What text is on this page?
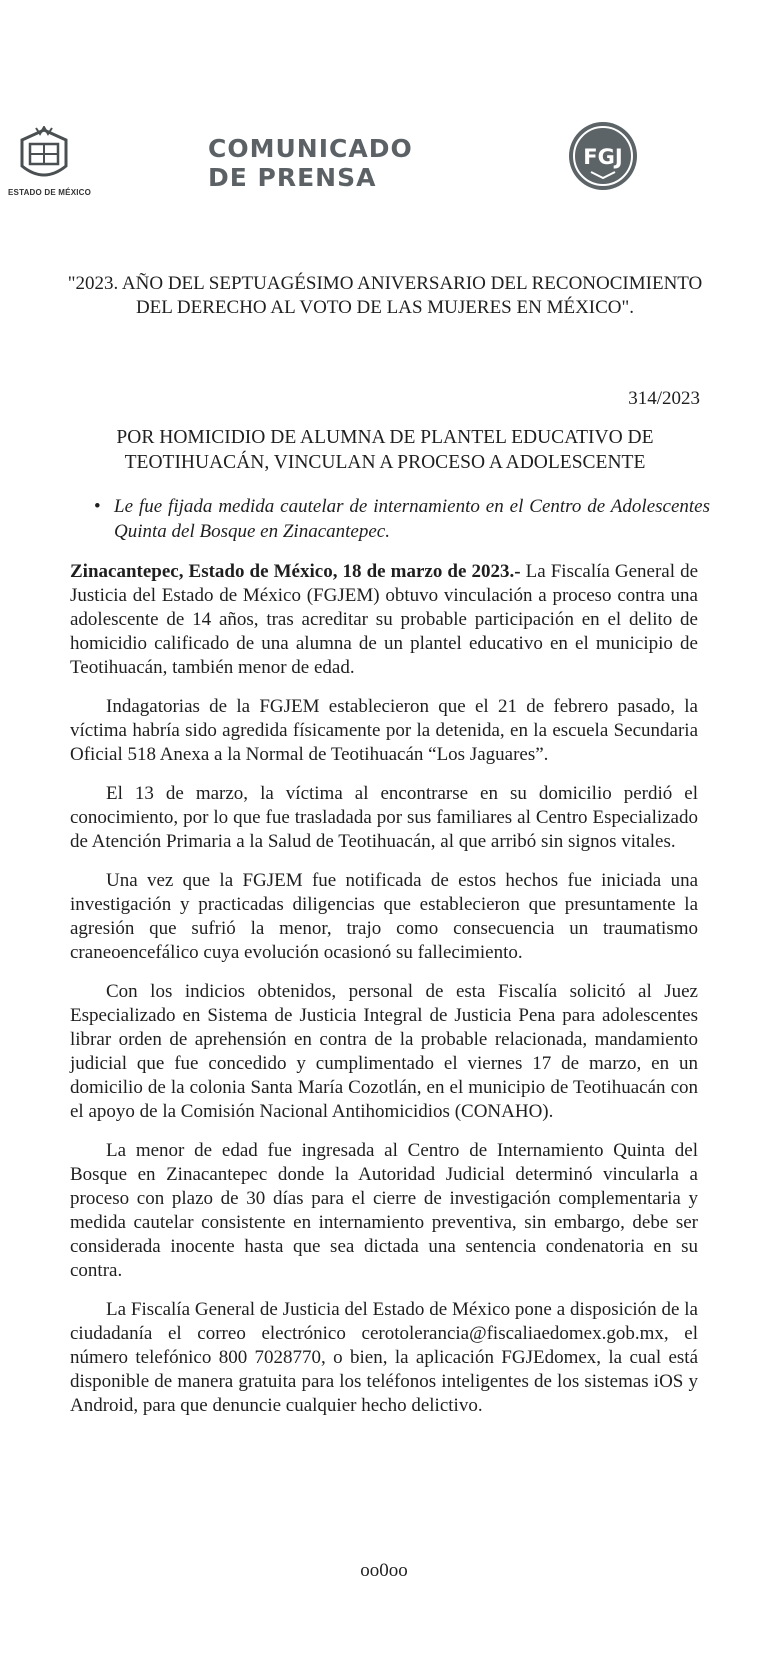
ESTADO DE MÉXICO
COMUNICADO
DE PRENSA
FGJ
"2023. AÑO DEL SEPTUAGÉSIMO ANIVERSARIO DEL RECONOCIMIENTO DEL DERECHO AL VOTO DE LAS MUJERES EN MÉXICO".
314/2023
POR HOMICIDIO DE ALUMNA DE PLANTEL EDUCATIVO DE TEOTIHUACÁN, VINCULAN A PROCESO A ADOLESCENTE
• Le fue fijada medida cautelar de internamiento en el Centro de Adolescentes Quinta del Bosque en Zinacantepec.

Zinacantepec, Estado de México, 18 de marzo de 2023.- La Fiscalía General de Justicia del Estado de México (FGJEM) obtuvo vinculación a proceso contra una adolescente de 14 años, tras acreditar su probable participación en el delito de homicidio calificado de una alumna de un plantel educativo en el municipio de Teotihuacán, también menor de edad.

Indagatorias de la FGJEM establecieron que el 21 de febrero pasado, la víctima habría sido agredida físicamente por la detenida, en la escuela Secundaria Oficial 518 Anexa a la Normal de Teotihuacán “Los Jaguares”.

El 13 de marzo, la víctima al encontrarse en su domicilio perdió el conocimiento, por lo que fue trasladada por sus familiares al Centro Especializado de Atención Primaria a la Salud de Teotihuacán, al que arribó sin signos vitales.

Una vez que la FGJEM fue notificada de estos hechos fue iniciada una investigación y practicadas diligencias que establecieron que presuntamente la agresión que sufrió la menor, trajo como consecuencia un traumatismo craneoencefálico cuya evolución ocasionó su fallecimiento.

Con los indicios obtenidos, personal de esta Fiscalía solicitó al Juez Especializado en Sistema de Justicia Integral de Justicia Pena para adolescentes librar orden de aprehensión en contra de la probable relacionada, mandamiento judicial que fue concedido y cumplimentado el viernes 17 de marzo, en un domicilio de la colonia Santa María Cozotlán, en el municipio de Teotihuacán con el apoyo de la Comisión Nacional Antihomicidios (CONAHO).

La menor de edad fue ingresada al Centro de Internamiento Quinta del Bosque en Zinacantepec donde la Autoridad Judicial determinó vincularla a proceso con plazo de 30 días para el cierre de investigación complementaria y medida cautelar consistente en internamiento preventiva, sin embargo, debe ser considerada inocente hasta que sea dictada una sentencia condenatoria en su contra.

La Fiscalía General de Justicia del Estado de México pone a disposición de la ciudadanía el correo electrónico cerotolerancia@fiscaliaedomex.gob.mx, el número telefónico 800 7028770, o bien, la aplicación FGJEdomex, la cual está disponible de manera gratuita para los teléfonos inteligentes de los sistemas iOS y Android, para que denuncie cualquier hecho delictivo.

oo0oo
